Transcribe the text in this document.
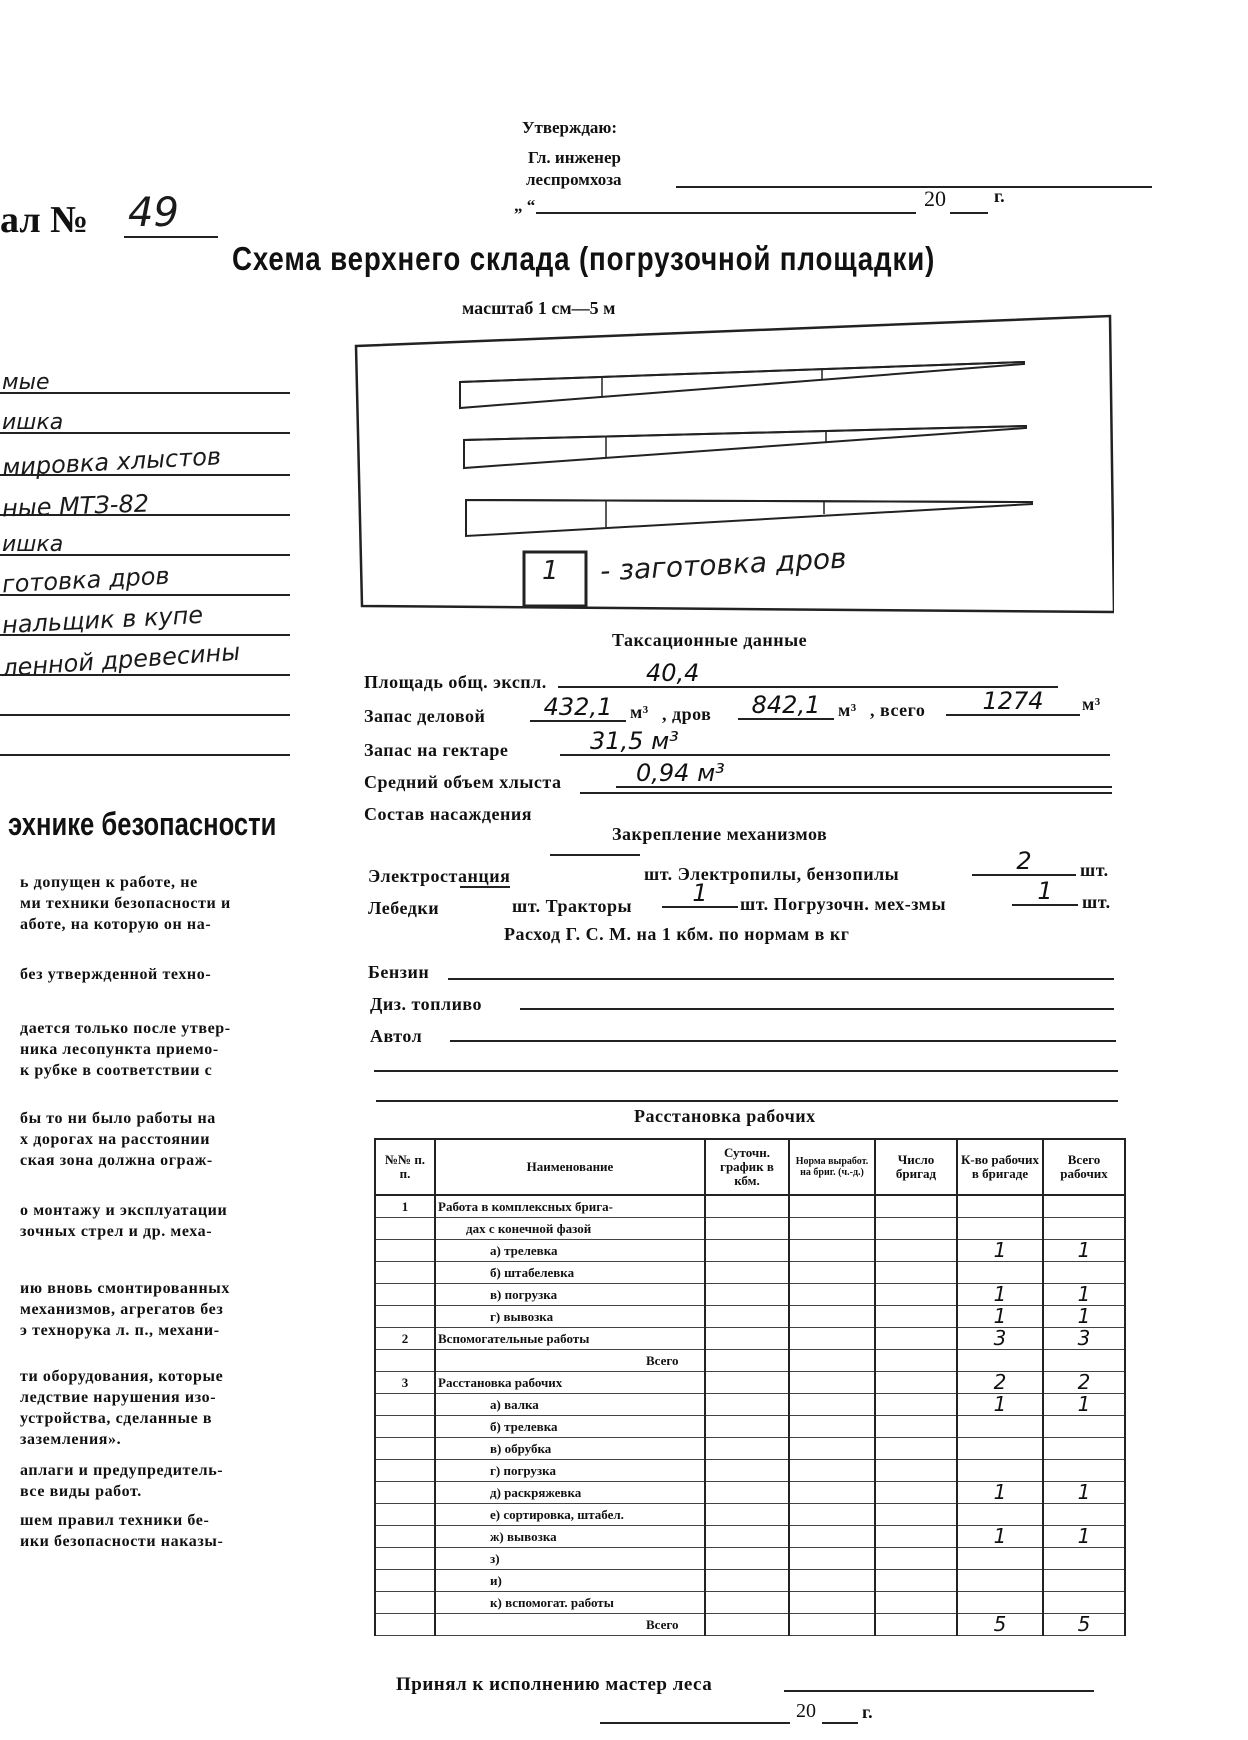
Утверждаю:
Гл. инженер
леспромхоза
„ “	20	г.
ал № 49
Схема верхнего склада (погрузочной площадки)
масштаб 1 см—5 м
1 - заготовка дров
мые
ишка
мировка хлыстов
ные МТЗ-82
ишка
готовка дров
нальщик в купе
ленной древесины
эхнике безопасности
ь допущен к работе, не
ми техники безопасности и
аботе, на которую он на-
без утвержденной техно-
дается только после утвер-
ника лесопункта приемо-
к рубке в соответствии с
бы то ни было работы на
х дорогах на расстоянии
ская зона должна ограж-
о монтажу и эксплуатации
зочных стрел и др. меха-
ию вновь смонтированных
механизмов, агрегатов без
э техноpука л. п., механи-
ти оборудования, которые
ледствие нарушения изо-
устройства, сделанные в
заземления».
аплаги и предупредитель-
все виды работ.
шем правил техники бе-
ики безопасности наказы-
Таксационные данные
Площадь общ. экспл.	40,4
Запас деловой	432,1 м³ , дров	842,1 м³ , всего	1274	м³
Запас на гектаре	31,5 м³
Средний объем хлыста	0,94 м³
Состав насаждения
Закрепление механизмов
Электростанция	шт. Электропилы, бензопилы	2	шт.
Лебедки	шт. Тракторы	1	шт. Погрузочн. мех-змы	1	шт.
Расход Г. С. М. на 1 кбм. по нормам в кг
Бензин
Диз. топливо
Автол
Расстановка рабочих
№№ п. п.	Наименование	Суточн. график в кбм.	Норма выработ. на бриг. (ч.-д.)	Число бригад	К-во рабочих в бригаде	Всего рабочих
1	Работа в комплексных брига-					
	дах с конечной фазой					
	а) трелевка				1	1
	б) штабелевка					
	в) погрузка				1	1
	г) вывозка				1	1
2	Вспомогательные работы				3	3
	Всего					
3	Расстановка рабочих				2	2
	а) валка				1	1
	б) трелевка					
	в) обрубка					
	г) погрузка					
	д) раскряжевка				1	1
	е) сортировка, штабел.					
	ж) вывозка				1	1
	з)					
	и)					
	к) вспомогат. работы					
	Всего				5	5
Принял к исполнению мастер леса
20	г.
